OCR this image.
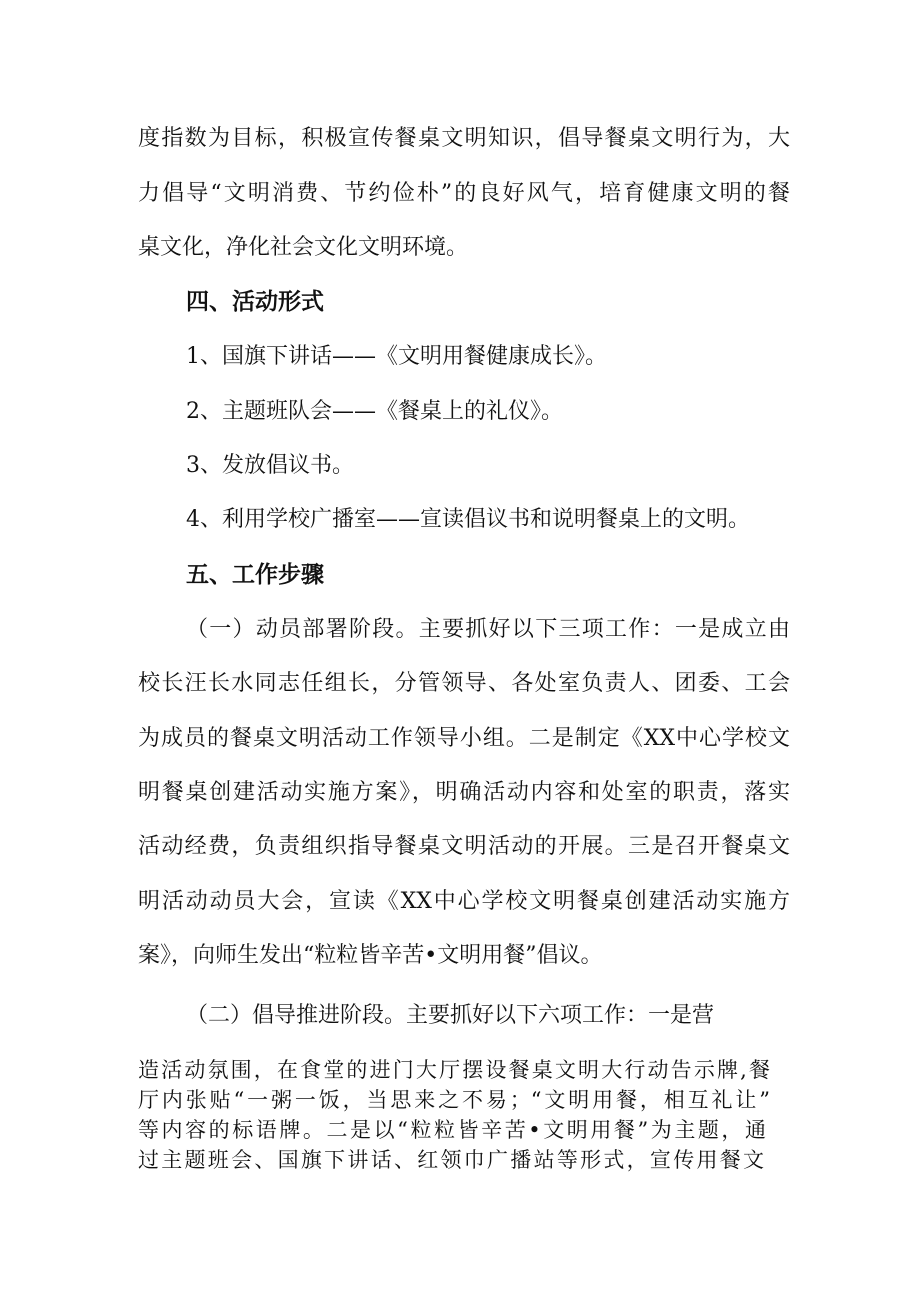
度指数为目标，积极宣传餐桌文明知识，倡导餐桌文明行为，大
力倡导“文明消费、节约俭朴”的良好风气，培育健康文明的餐
桌文化，净化社会文化文明环境。
四、活动形式
1、国旗下讲话——《文明用餐健康成长》。
2、主题班队会——《餐桌上的礼仪》。
3、发放倡议书。
4、利用学校广播室——宣读倡议书和说明餐桌上的文明。
五、工作步骤
（一）动员部署阶段。主要抓好以下三项工作：一是成立由
校长汪长水同志任组长，分管领导、各处室负责人、团委、工会
为成员的餐桌文明活动工作领导小组。二是制定《XX中心学校文
明餐桌创建活动实施方案》，明确活动内容和处室的职责，落实
活动经费，负责组织指导餐桌文明活动的开展。三是召开餐桌文
明活动动员大会，宣读《XX中心学校文明餐桌创建活动实施方
案》，向师生发出“粒粒皆辛苦•文明用餐”倡议。
（二）倡导推进阶段。主要抓好以下六项工作：一是营
造活动氛围，在食堂的进门大厅摆设餐桌文明大行动告示牌,餐
厅内张贴“一粥一饭，当思来之不易；“文明用餐，相互礼让”
等内容的标语牌。二是以“粒粒皆辛苦•文明用餐”为主题，通
过主题班会、国旗下讲话、红领巾广播站等形式，宣传用餐文
